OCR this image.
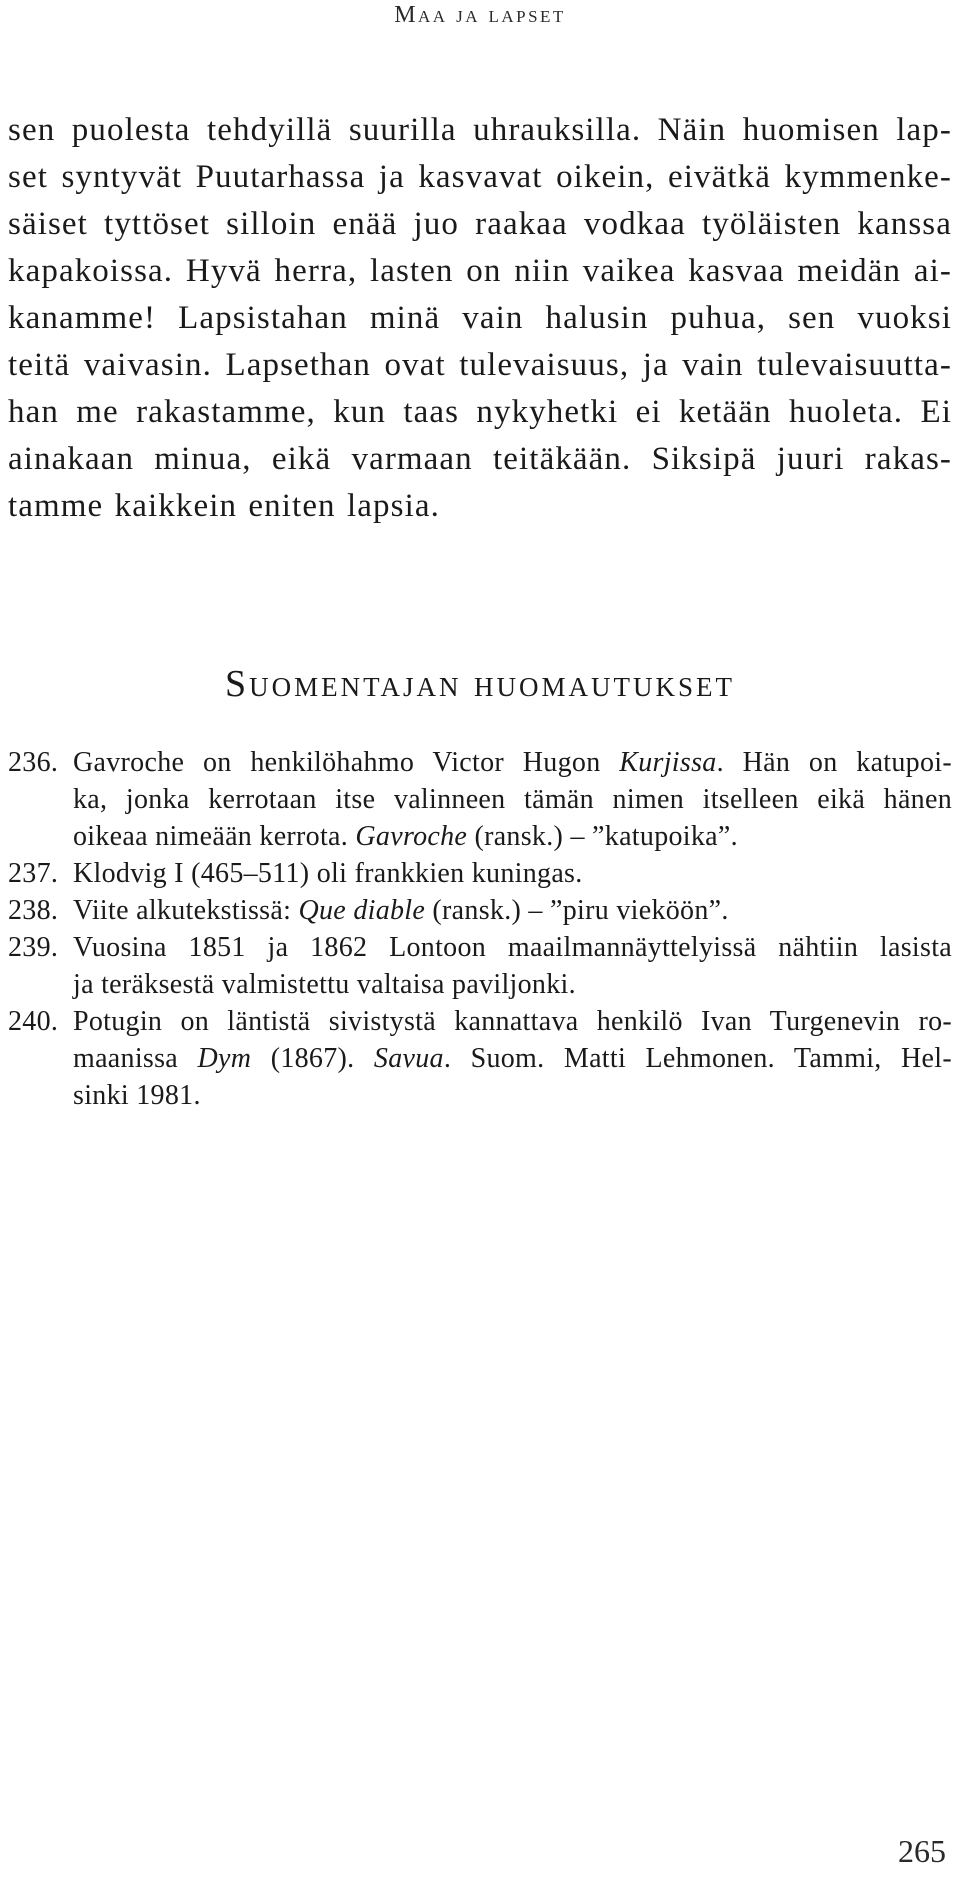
Maa ja lapset
sen puolesta tehdyillä suurilla uhrauksilla. Näin huomisen lap-
set syntyvät Puutarhassa ja kasvavat oikein, eivätkä kymmenke-
säiset tyttöset silloin enää juo raakaa vodkaa työläisten kanssa
kapakoissa. Hyvä herra, lasten on niin vaikea kasvaa meidän ai-
kanamme! Lapsistahan minä vain halusin puhua, sen vuoksi
teitä vaivasin. Lapsethan ovat tulevaisuus, ja vain tulevaisuutta-
han me rakastamme, kun taas nykyhetki ei ketään huoleta. Ei
ainakaan minua, eikä varmaan teitäkään. Siksipä juuri rakas-
tamme kaikkein eniten lapsia.
Suomentajan huomautukset
236. Gavroche on henkilöhahmo Victor Hugon Kurjissa. Hän on katupoi-
ka, jonka kerrotaan itse valinneen tämän nimen itselleen eikä hänen
oikeaa nimeään kerrota. Gavroche (ransk.) – ”katupoika”.
237. Klodvig I (465–511) oli frankkien kuningas.
238. Viite alkutekstissä: Que diable (ransk.) – ”piru vieköön”.
239. Vuosina 1851 ja 1862 Lontoon maailmannäyttelyissä nähtiin lasista
ja teräksestä valmistettu valtaisa paviljonki.
240. Potugin on läntistä sivistystä kannattava henkilö Ivan Turgenevin ro-
maanissa Dym (1867). Savua. Suom. Matti Lehmonen. Tammi, Hel-
sinki 1981.
265
